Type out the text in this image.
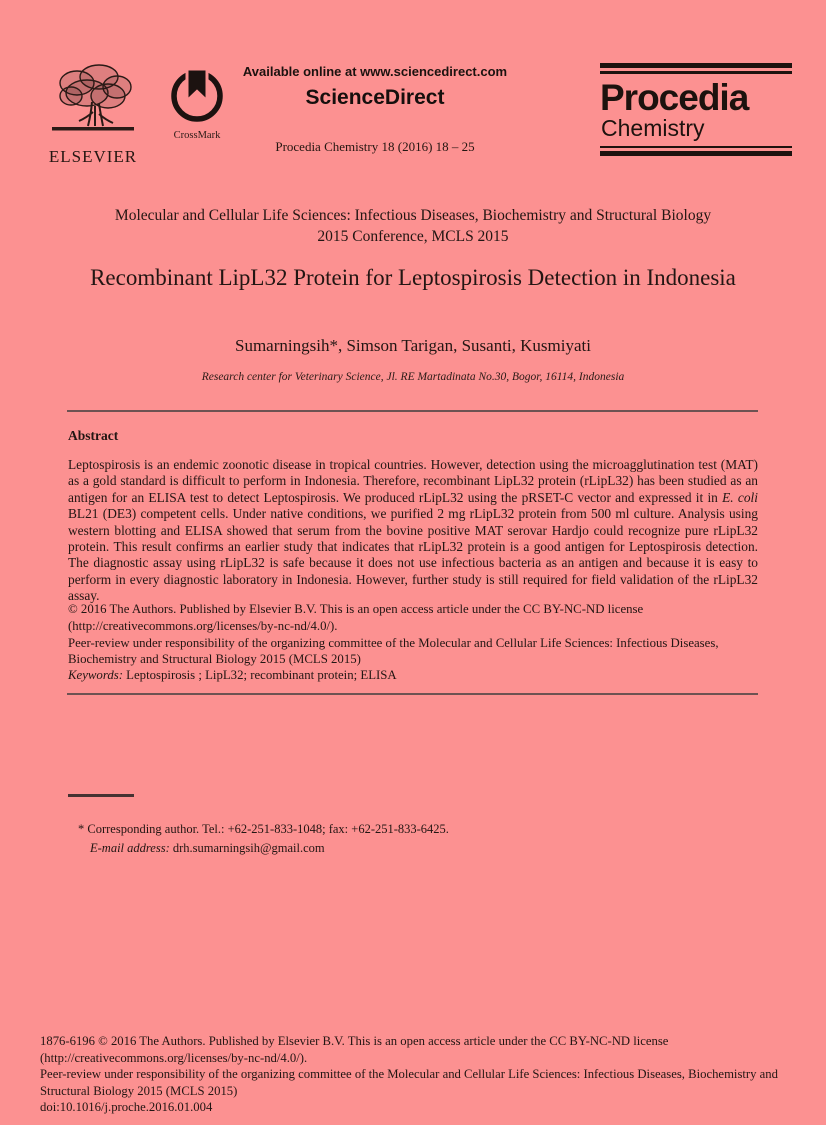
ELSEVIER
CrossMark
Available online at www.sciencedirect.com
ScienceDirect
Procedia Chemistry 18 (2016) 18 – 25
Procedia
Chemistry
Molecular and Cellular Life Sciences: Infectious Diseases, Biochemistry and Structural Biology
2015 Conference, MCLS 2015
Recombinant LipL32 Protein for Leptospirosis Detection in Indonesia
Sumarningsih*, Simson Tarigan, Susanti, Kusmiyati
Research center for Veterinary Science, Jl. RE Martadinata No.30, Bogor, 16114, Indonesia
Abstract

Leptospirosis is an endemic zoonotic disease in tropical countries. However, detection using the microagglutination test (MAT) as a gold standard is difficult to perform in Indonesia. Therefore, recombinant LipL32 protein (rLipL32) has been studied as an antigen for an ELISA test to detect Leptospirosis. We produced rLipL32 using the pRSET-C vector and expressed it in E. coli BL21 (DE3) competent cells. Under native conditions, we purified 2 mg rLipL32 protein from 500 ml culture. Analysis using western blotting and ELISA showed that serum from the bovine positive MAT serovar Hardjo could recognize pure rLipL32 protein. This result confirms an earlier study that indicates that rLipL32 protein is a good antigen for Leptospirosis detection. The diagnostic assay using rLipL32 is safe because it does not use infectious bacteria as an antigen and because it is easy to perform in every diagnostic laboratory in Indonesia. However, further study is still required for field validation of the rLipL32 assay.

© 2016 The Authors. Published by Elsevier B.V. This is an open access article under the CC BY-NC-ND license
(http://creativecommons.org/licenses/by-nc-nd/4.0/).
Peer-review under responsibility of the organizing committee of the Molecular and Cellular Life Sciences: Infectious Diseases,
Biochemistry and Structural Biology 2015 (MCLS 2015)
Keywords: Leptospirosis ; LipL32; recombinant protein; ELISA
* Corresponding author. Tel.: +62-251-833-1048; fax: +62-251-833-6425.
E-mail address: drh.sumarningsih@gmail.com
1876-6196 © 2016 The Authors. Published by Elsevier B.V. This is an open access article under the CC BY-NC-ND license
(http://creativecommons.org/licenses/by-nc-nd/4.0/).
Peer-review under responsibility of the organizing committee of the Molecular and Cellular Life Sciences: Infectious Diseases, Biochemistry and
Structural Biology 2015 (MCLS 2015)
doi:10.1016/j.proche.2016.01.004
